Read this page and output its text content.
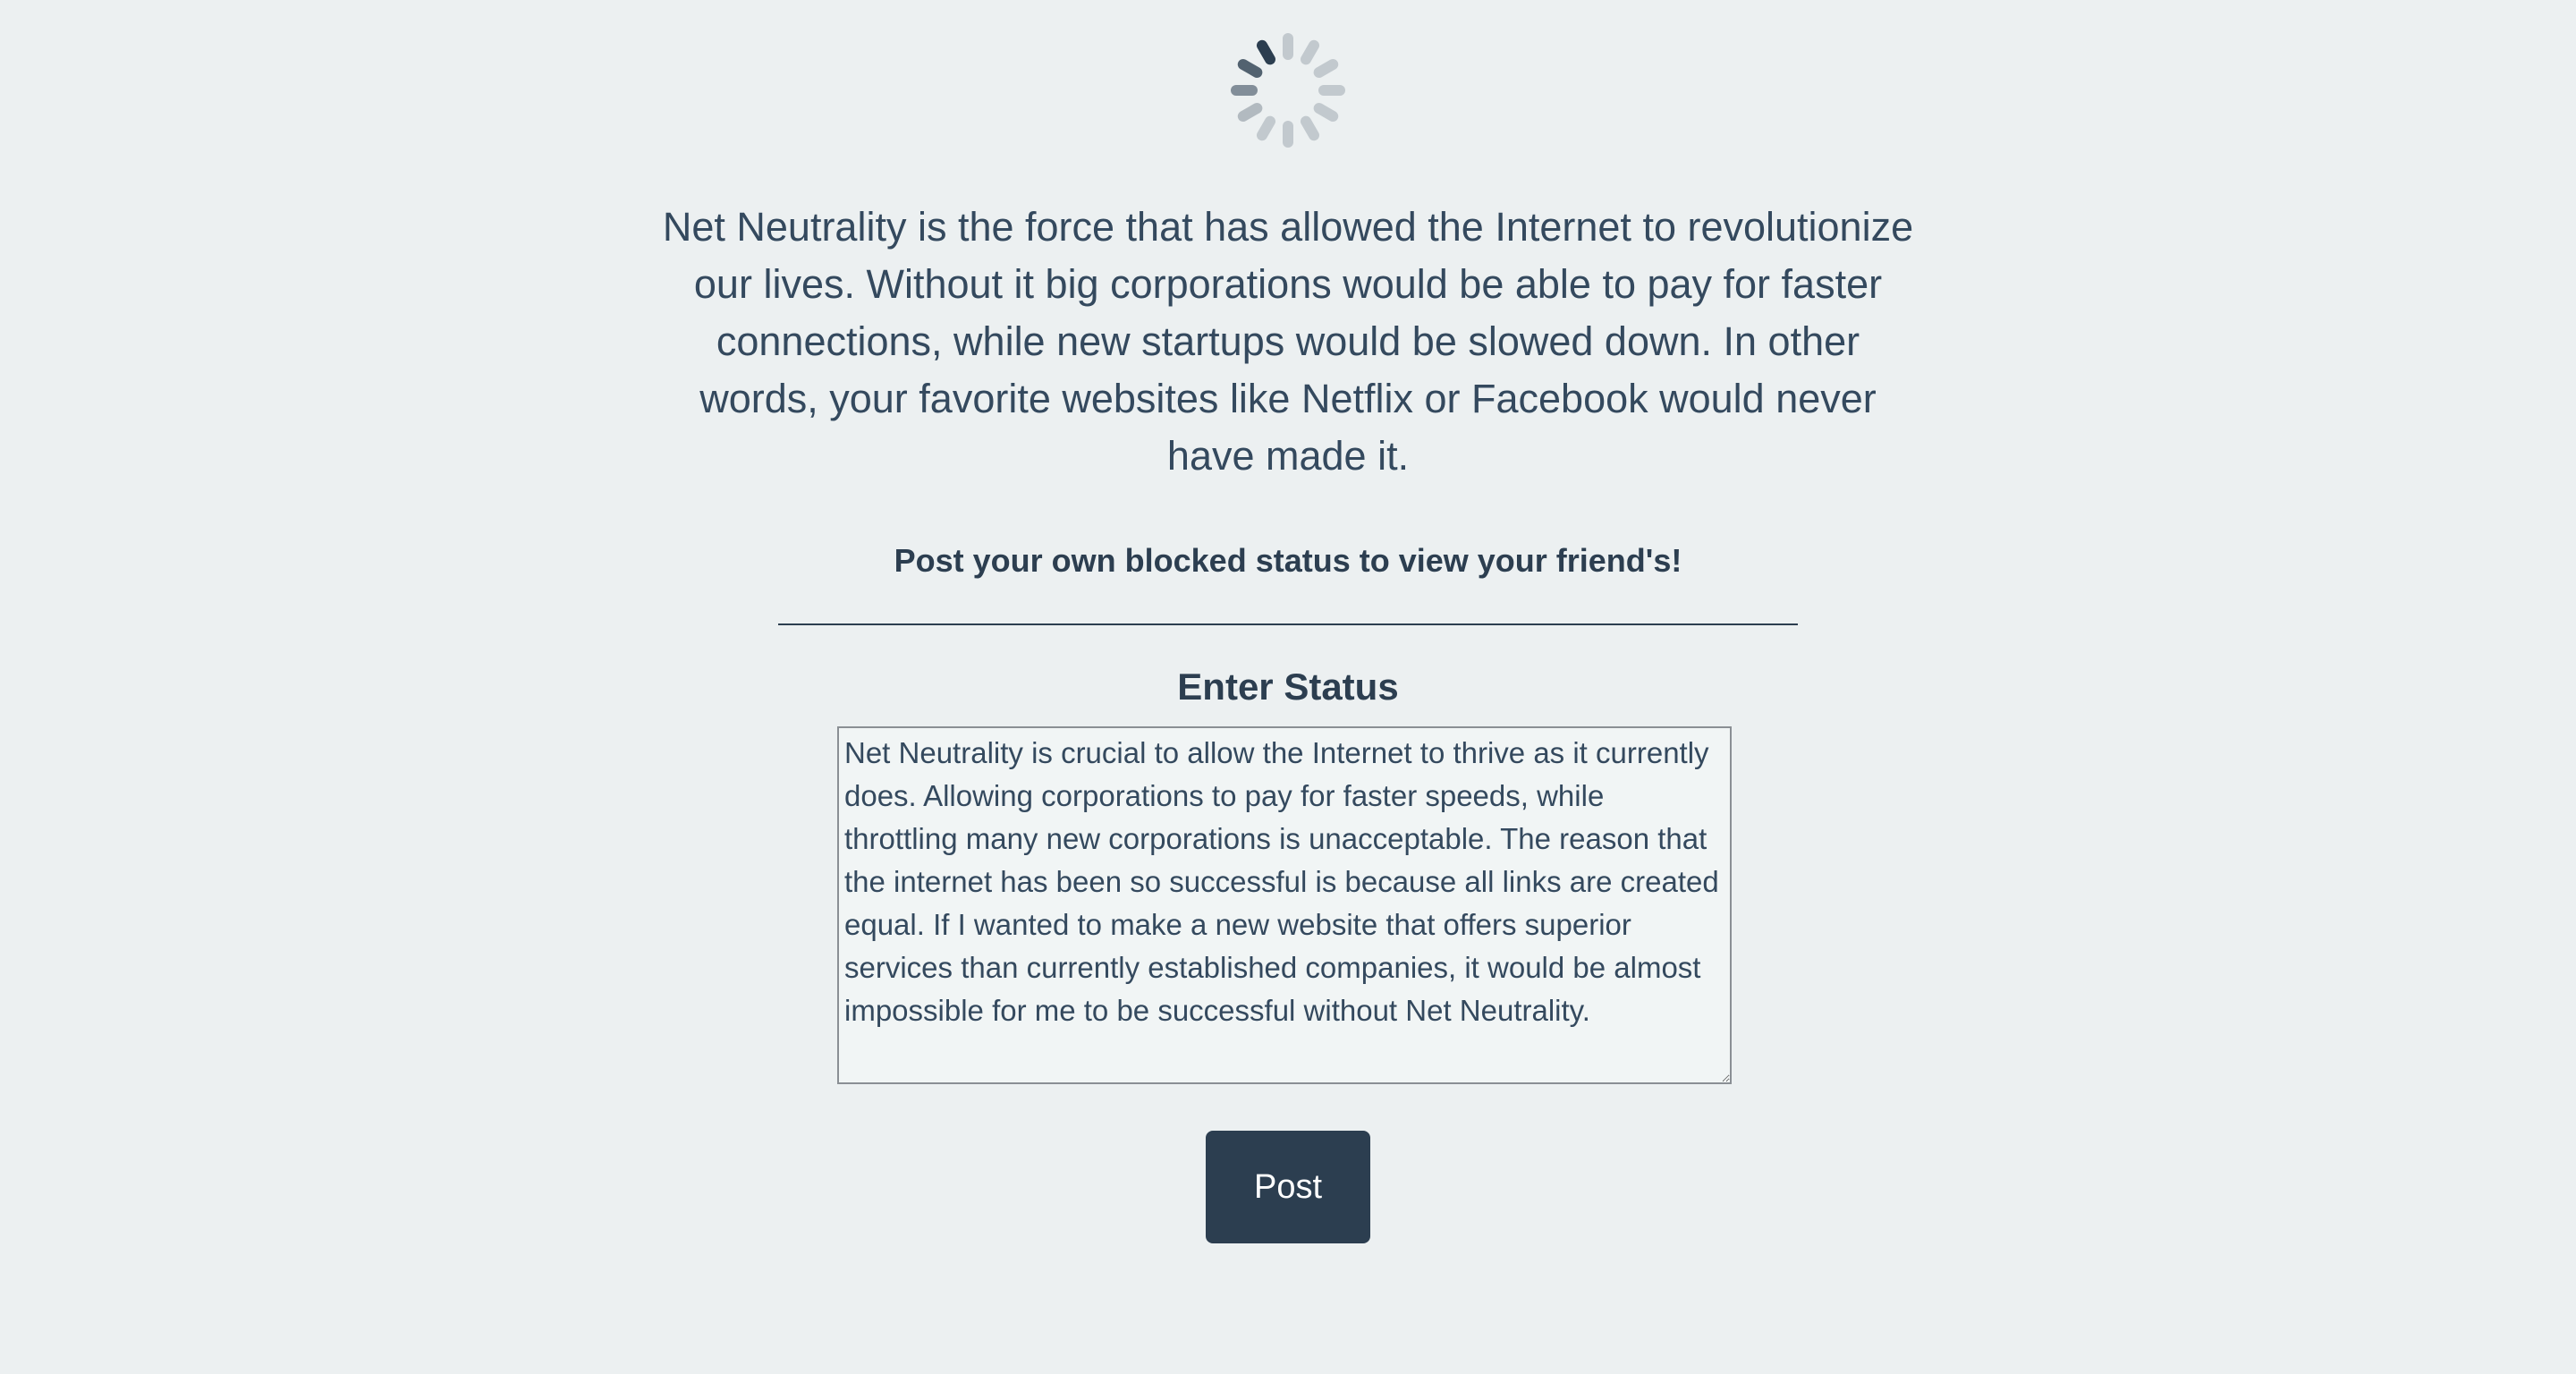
Net Neutrality is the force that has allowed the Internet to revolutionize our lives. Without it big corporations would be able to pay for faster connections, while new startups would be slowed down. In other words, your favorite websites like Netflix or Facebook would never have made it.

Post your own blocked status to view your friend's!

Enter Status
Net Neutrality is crucial to allow the Internet to thrive as it currently does. Allowing corporations to pay for faster speeds, while throttling many new corporations is unacceptable. The reason that the internet has been so successful is because all links are created equal. If I wanted to make a new website that offers superior services than currently established companies, it would be almost impossible for me to be successful without Net Neutrality.
Post
